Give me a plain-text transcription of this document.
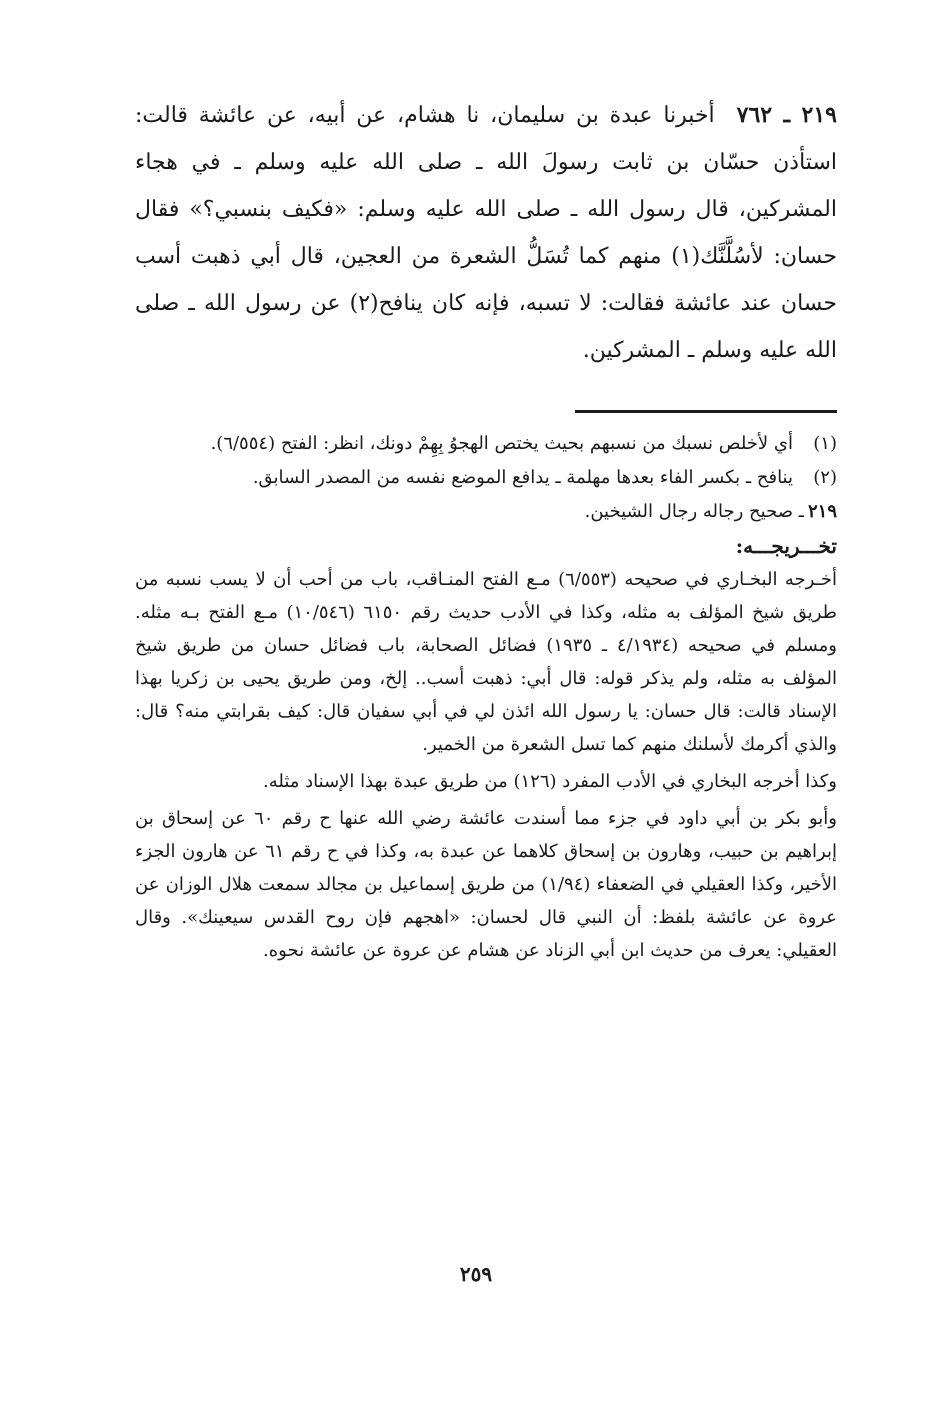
٢١٩ ـ ٧٦٢أخبرنا عبدة بن سليمان، نا هشام، عن أبيه، عن عائشة قالت: استأذن حسّان بن ثابت رسولَ الله ـ صلى الله عليه وسلم ـ في هجاء المشركين، قال رسول الله ـ صلى الله عليه وسلم: «فكيف بنسبي؟» فقال حسان: لأسُلَّنَّك(١) منهم كما تُسَلُّ الشعرة من العجين، قال أبي ذهبت أسب حسان عند عائشة فقالت: لا تسبه، فإنه كان ينافح(٢) عن رسول الله ـ صلى الله عليه وسلم ـ المشركين.

(١)
أي لأخلص نسبك من نسبهم بحيث يختص الهجوُ بِهِمْ دونك، انظر: الفتح (٦/٥٥٤).

(٢)
ينافح ـ بكسر الفاء بعدها مهلمة ـ يدافع الموضع نفسه من المصدر السابق.

٢١٩ـ صحيح رجاله رجال الشيخين.

تخـــريجـــه:

أخـرجه البخـاري في صحيحه (٦/٥٥٣) مـع الفتح المنـاقب، باب من أحب أن لا يسب نسبه من طريق شيخ المؤلف به مثله، وكذا في الأدب حديث رقم ٦١٥٠ (١٠/٥٤٦) مـع الفتح بـه مثله. ومسلم في صحيحه (٤/١٩٣٤ ـ ١٩٣٥) فضائل الصحابة، باب فضائل حسان من طريق شيخ المؤلف به مثله، ولم يذكر قوله: قال أبي: ذهبت أسب.. إلخ، ومن طريق يحيى بن زكريا بهذا الإسناد قالت: قال حسان: يا رسول الله ائذن لي في أبي سفيان قال: كيف بقرابتي منه؟ قال: والذي أكرمك لأسلنك منهم كما تسل الشعرة من الخمير.

وكذا أخرجه البخاري في الأدب المفرد (١٢٦) من طريق عبدة بهذا الإسناد مثله.

وأبو بكر بن أبي داود في جزء مما أسندت عائشة رضي الله عنها ح رقم ٦٠ عن إسحاق بن إبراهيم بن حبيب، وهارون بن إسحاق كلاهما عن عبدة به، وكذا في ح رقم ٦١ عن هارون الجزء الأخير، وكذا العقيلي في الضعفاء (١/٩٤) من طريق إسماعيل بن مجالد سمعت هلال الوزان عن عروة عن عائشة بلفظ: أن النبي قال لحسان: «اهجهم فإن روح القدس سيعينك». وقال العقيلي: يعرف من حديث ابن أبي الزناد عن هشام عن عروة عن عائشة نحوه.

٢٥٩
